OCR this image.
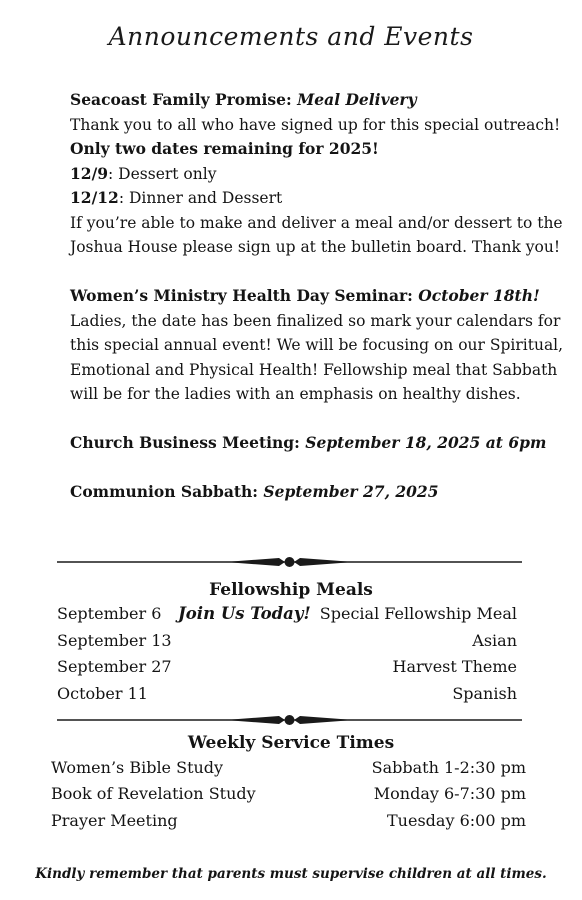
Announcements and Events
Seacoast Family Promise: Meal Delivery
Thank you to all who have signed up for this special outreach!
Only two dates remaining for 2025!
12/9: Dessert only
12/12: Dinner and Dessert
If you’re able to make and deliver a meal and/or dessert to the
Joshua House please sign up at the bulletin board. Thank you!
Women’s Ministry Health Day Seminar: October 18th!
Ladies, the date has been finalized so mark your calendars for
this special annual event! We will be focusing on our Spiritual,
Emotional and Physical Health! Fellowship meal that Sabbath
will be for the ladies with an emphasis on healthy dishes.
Church Business Meeting: September 18, 2025 at 6pm
Communion Sabbath: September 27, 2025
Fellowship Meals
Join Us Today!
September 6	Special Fellowship Meal
September 13	Asian
September 27	Harvest Theme
October 11	Spanish
Weekly Service Times
Women’s Bible Study	Sabbath 1-2:30 pm
Book of Revelation Study	Monday 6-7:30 pm
Prayer Meeting	Tuesday 6:00 pm
Kindly remember that parents must supervise children at all times.
